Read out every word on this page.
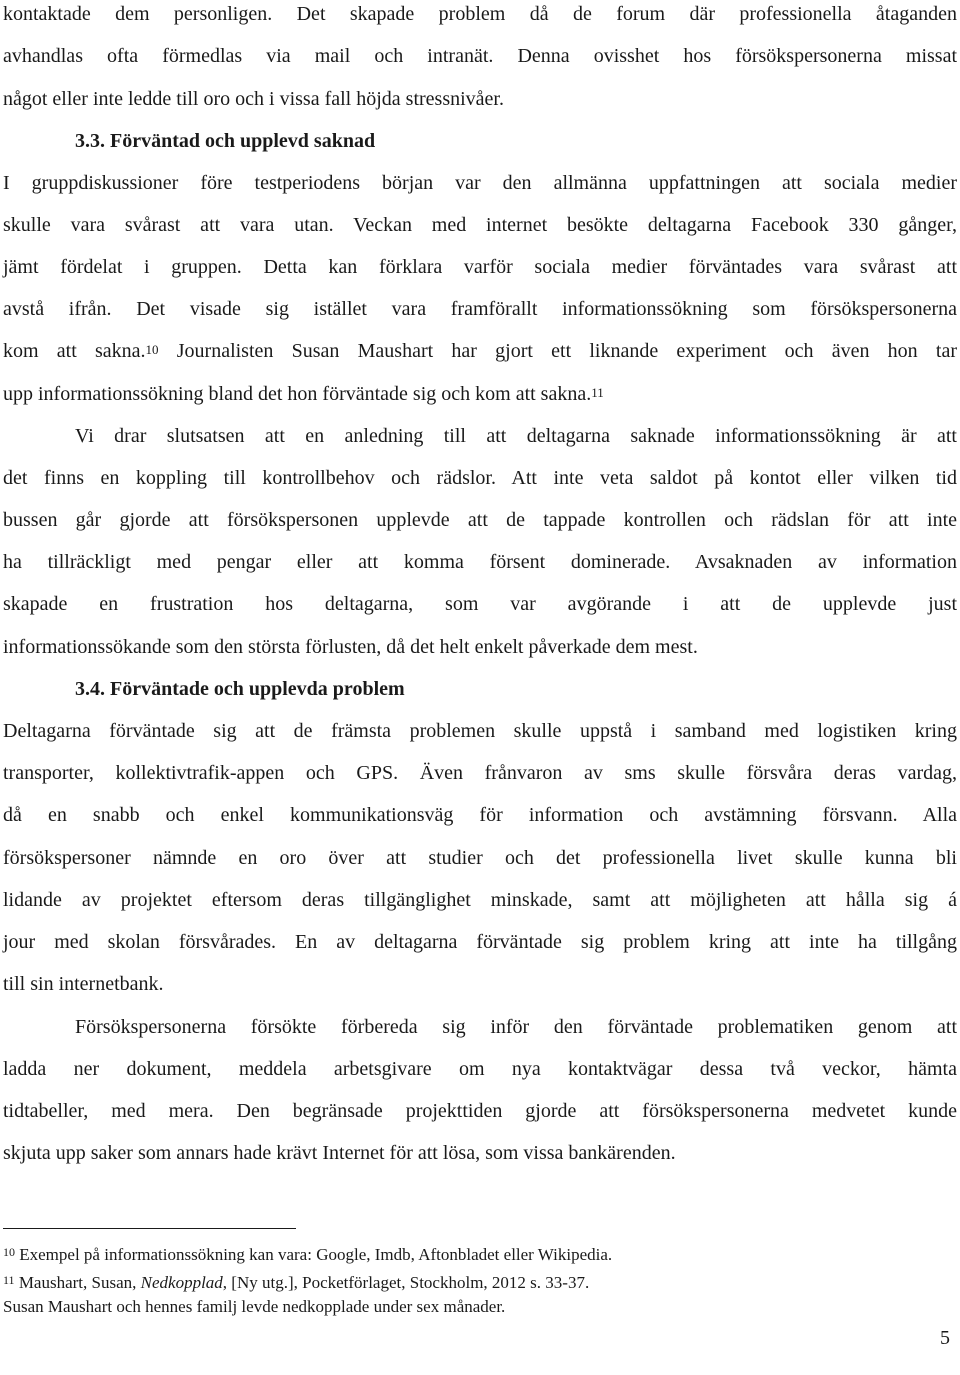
kontaktade dem personligen. Det skapade problem då de forum där professionella åtaganden
avhandlas ofta förmedlas via mail och intranät. Denna ovisshet hos försökspersonerna missat
något eller inte ledde till oro och i vissa fall höjda stressnivåer.
3.3. Förväntad och upplevd saknad
I gruppdiskussioner före testperiodens början var den allmänna uppfattningen att sociala medier
skulle vara svårast att vara utan. Veckan med internet besökte deltagarna Facebook 330 gånger,
jämt fördelat i gruppen. Detta kan förklara varför sociala medier förväntades vara svårast att
avstå ifrån. Det visade sig istället vara framförallt informationssökning som försökspersonerna
kom att sakna.$^{10}$ Journalisten Susan Maushart har gjort ett liknande experiment och även hon tar
upp informationssökning bland det hon förväntade sig och kom att sakna.$^{11}$
Vi drar slutsatsen att en anledning till att deltagarna saknade informationssökning är att
det finns en koppling till kontrollbehov och rädslor. Att inte veta saldot på kontot eller vilken tid
bussen går gjorde att försökspersonen upplevde att de tappade kontrollen och rädslan för att inte
ha tillräckligt med pengar eller att komma försent dominerade. Avsaknaden av information
skapade en frustration hos deltagarna, som var avgörande i att de upplevde just
informationssökande som den största förlusten, då det helt enkelt påverkade dem mest.
3.4. Förväntade och upplevda problem
Deltagarna förväntade sig att de främsta problemen skulle uppstå i samband med logistiken kring
transporter, kollektivtrafik-appen och GPS. Även frånvaron av sms skulle försvåra deras vardag,
då en snabb och enkel kommunikationsväg för information och avstämning försvann. Alla
försökspersoner nämnde en oro över att studier och det professionella livet skulle kunna bli
lidande av projektet eftersom deras tillgänglighet minskade, samt att möjligheten att hålla sig á
jour med skolan försvårades. En av deltagarna förväntade sig problem kring att inte ha tillgång
till sin internetbank.
Försökspersonerna försökte förbereda sig inför den förväntade problematiken genom att
ladda ner dokument, meddela arbetsgivare om nya kontaktvägar dessa två veckor, hämta
tidtabeller, med mera. Den begränsade projekttiden gjorde att försökspersonerna medvetet kunde
skjuta upp saker som annars hade krävt Internet för att lösa, som vissa bankärenden.
$^{10}$ Exempel på informationssökning kan vara: Google, Imdb, Aftonbladet eller Wikipedia.
$^{11}$ Maushart, Susan, Nedkopplad, [Ny utg.], Pocketförlaget, Stockholm, 2012 s. 33-37.
Susan Maushart och hennes familj levde nedkopplade under sex månader.
5
